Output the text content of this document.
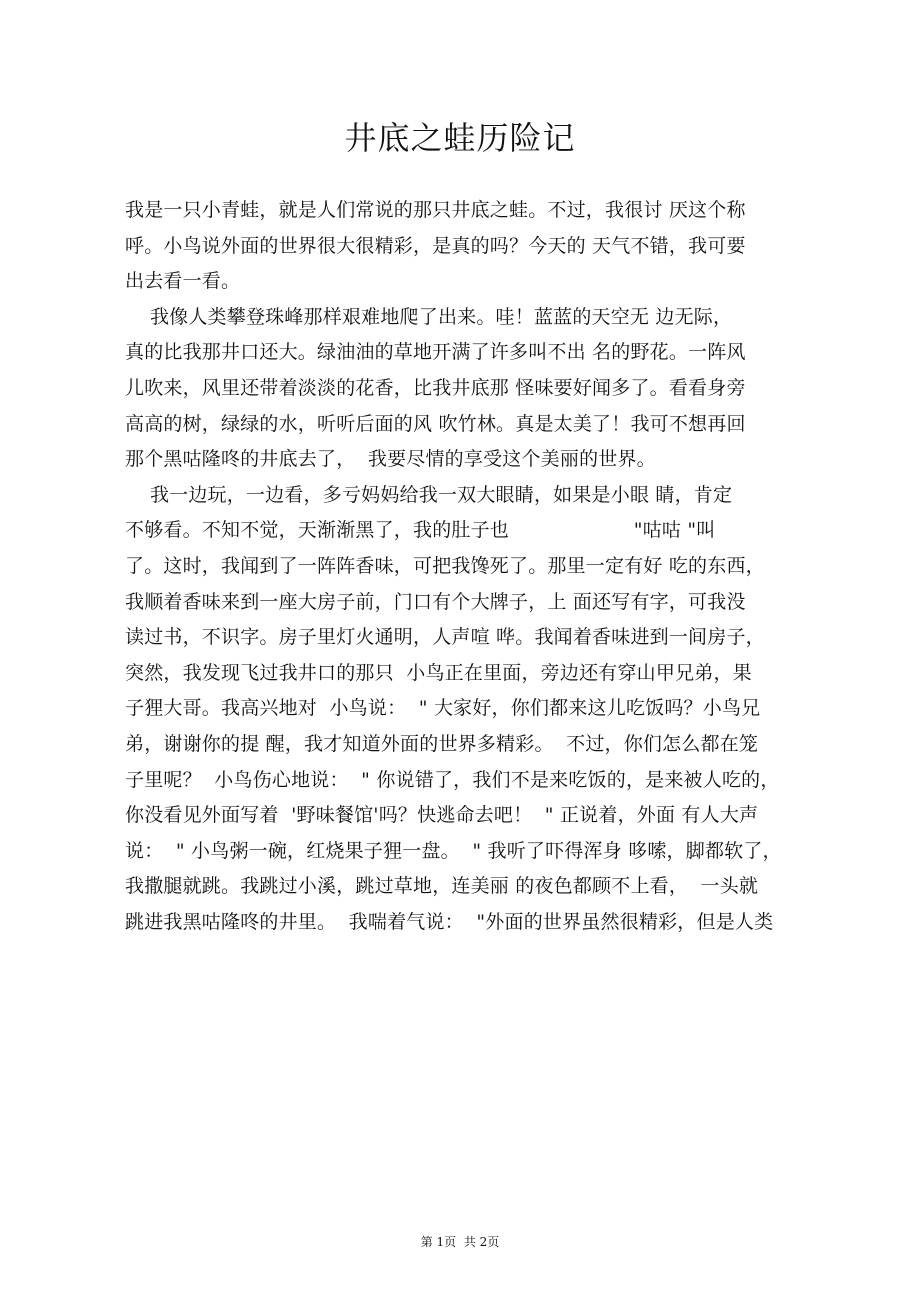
井底之蛙历险记
我是一只小青蛙，就是人们常说的那只井底之蛙。不过，我很讨 厌这个称
呼。小鸟说外面的世界很大很精彩，是真的吗？今天的 天气不错，我可要
出去看一看。
我像人类攀登珠峰那样艰难地爬了出来。哇！蓝蓝的天空无 边无际，
真的比我那井口还大。绿油油的草地开满了许多叫不出 名的野花。一阵风
儿吹来，风里还带着淡淡的花香，比我井底那 怪味要好闻多了。看看身旁
高高的树，绿绿的水，听听后面的风 吹竹林。真是太美了！我可不想再回
那个黑咕隆咚的井底去了，  我要尽情的享受这个美丽的世界。
我一边玩，一边看，多亏妈妈给我一双大眼睛，如果是小眼 睛，肯定
不够看。不知不觉，天渐渐黑了，我的肚子也                    "咕咕 "叫
了。这时，我闻到了一阵阵香味，可把我馋死了。那里一定有好 吃的东西，
我顺着香味来到一座大房子前，门口有个大牌子，上 面还写有字，可我没
读过书，不识字。房子里灯火通明，人声喧 哗。我闻着香味进到一间房子，
突然，我发现飞过我井口的那只  小鸟正在里面，旁边还有穿山甲兄弟，果
子狸大哥。我高兴地对  小鸟说：  " 大家好，你们都来这儿吃饭吗？小鸟兄
弟，谢谢你的提 醒，我才知道外面的世界多精彩。  不过，你们怎么都在笼
子里呢？  小鸟伤心地说：  " 你说错了，我们不是来吃饭的，是来被人吃的，
你没看见外面写着  '野味餐馆'吗？快逃命去吧！  " 正说着，外面 有人大声
说：  " 小鸟粥一碗，红烧果子狸一盘。  " 我听了吓得浑身 哆嗦，脚都软了，
我撒腿就跳。我跳过小溪，跳过草地，连美丽 的夜色都顾不上看，  一头就
跳进我黑咕隆咚的井里。  我喘着气说：  "外面的世界虽然很精彩，但是人类
第 1页  共 2页
